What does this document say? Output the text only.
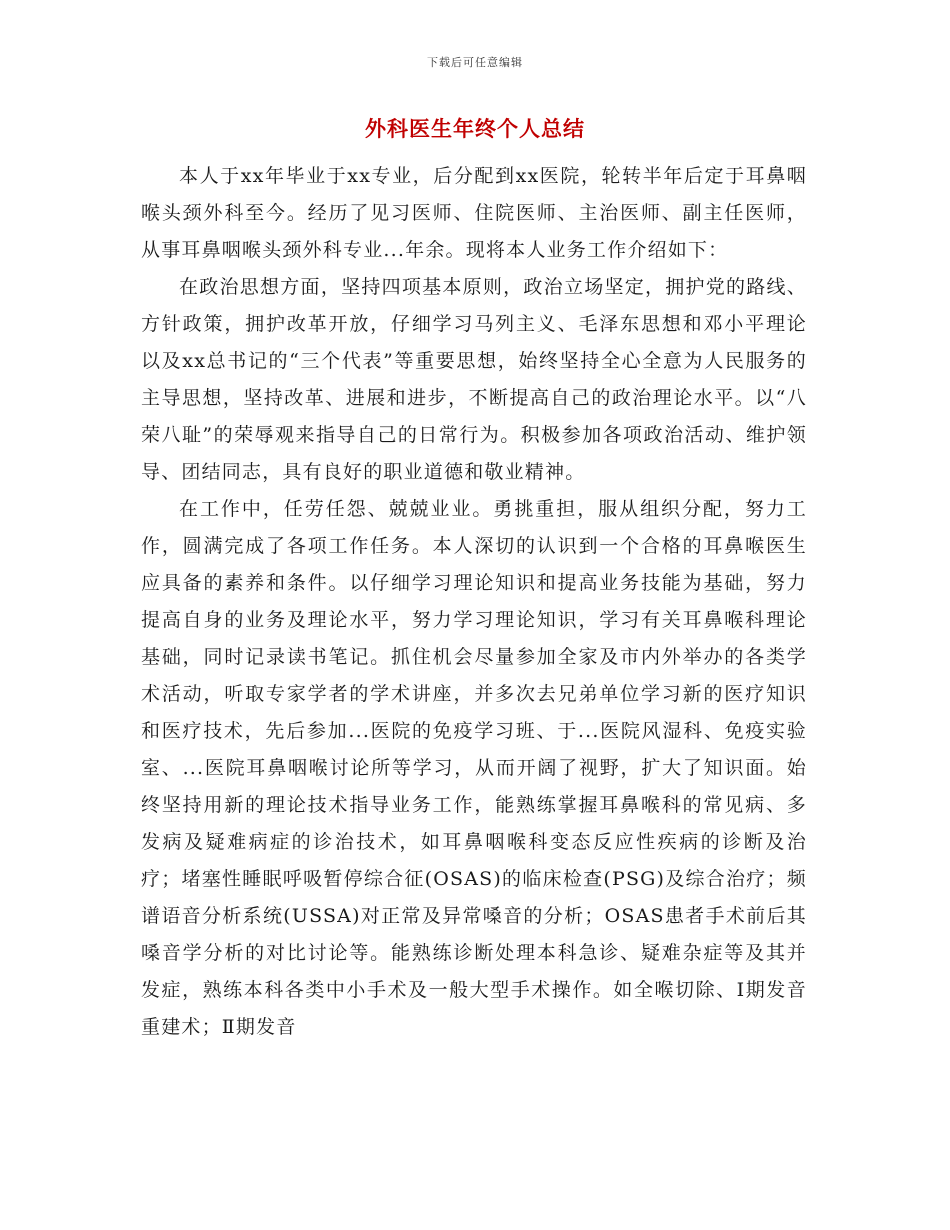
下载后可任意编辑
外科医生年终个人总结

本人于xx年毕业于xx专业，后分配到xx医院，轮转半年后定于耳鼻咽喉头颈外科至今。经历了见习医师、住院医师、主治医师、副主任医师，从事耳鼻咽喉头颈外科专业...年余。现将本人业务工作介绍如下：

在政治思想方面，坚持四项基本原则，政治立场坚定，拥护党的路线、方针政策，拥护改革开放，仔细学习马列主义、毛泽东思想和邓小平理论以及xx总书记的“三个代表”等重要思想，始终坚持全心全意为人民服务的主导思想，坚持改革、进展和进步，不断提高自己的政治理论水平。以“八荣八耻”的荣辱观来指导自己的日常行为。积极参加各项政治活动、维护领导、团结同志，具有良好的职业道德和敬业精神。

在工作中，任劳任怨、兢兢业业。勇挑重担，服从组织分配，努力工作，圆满完成了各项工作任务。本人深切的认识到一个合格的耳鼻喉医生应具备的素养和条件。以仔细学习理论知识和提高业务技能为基础，努力提高自身的业务及理论水平，努力学习理论知识，学习有关耳鼻喉科理论基础，同时记录读书笔记。抓住机会尽量参加全家及市内外举办的各类学术活动，听取专家学者的学术讲座，并多次去兄弟单位学习新的医疗知识和医疗技术，先后参加...医院的免疫学习班、于...医院风湿科、免疫实验室、...医院耳鼻咽喉讨论所等学习，从而开阔了视野，扩大了知识面。始终坚持用新的理论技术指导业务工作，能熟练掌握耳鼻喉科的常见病、多发病及疑难病症的诊治技术，如耳鼻咽喉科变态反应性疾病的诊断及治疗；堵塞性睡眠呼吸暂停综合征(OSAS)的临床检查(PSG)及综合治疗；频谱语音分析系统(USSA)对正常及异常嗓音的分析；OSAS患者手术前后其嗓音学分析的对比讨论等。能熟练诊断处理本科急诊、疑难杂症等及其并发症，熟练本科各类中小手术及一般大型手术操作。如全喉切除、Ⅰ期发音重建术；Ⅱ期发音
